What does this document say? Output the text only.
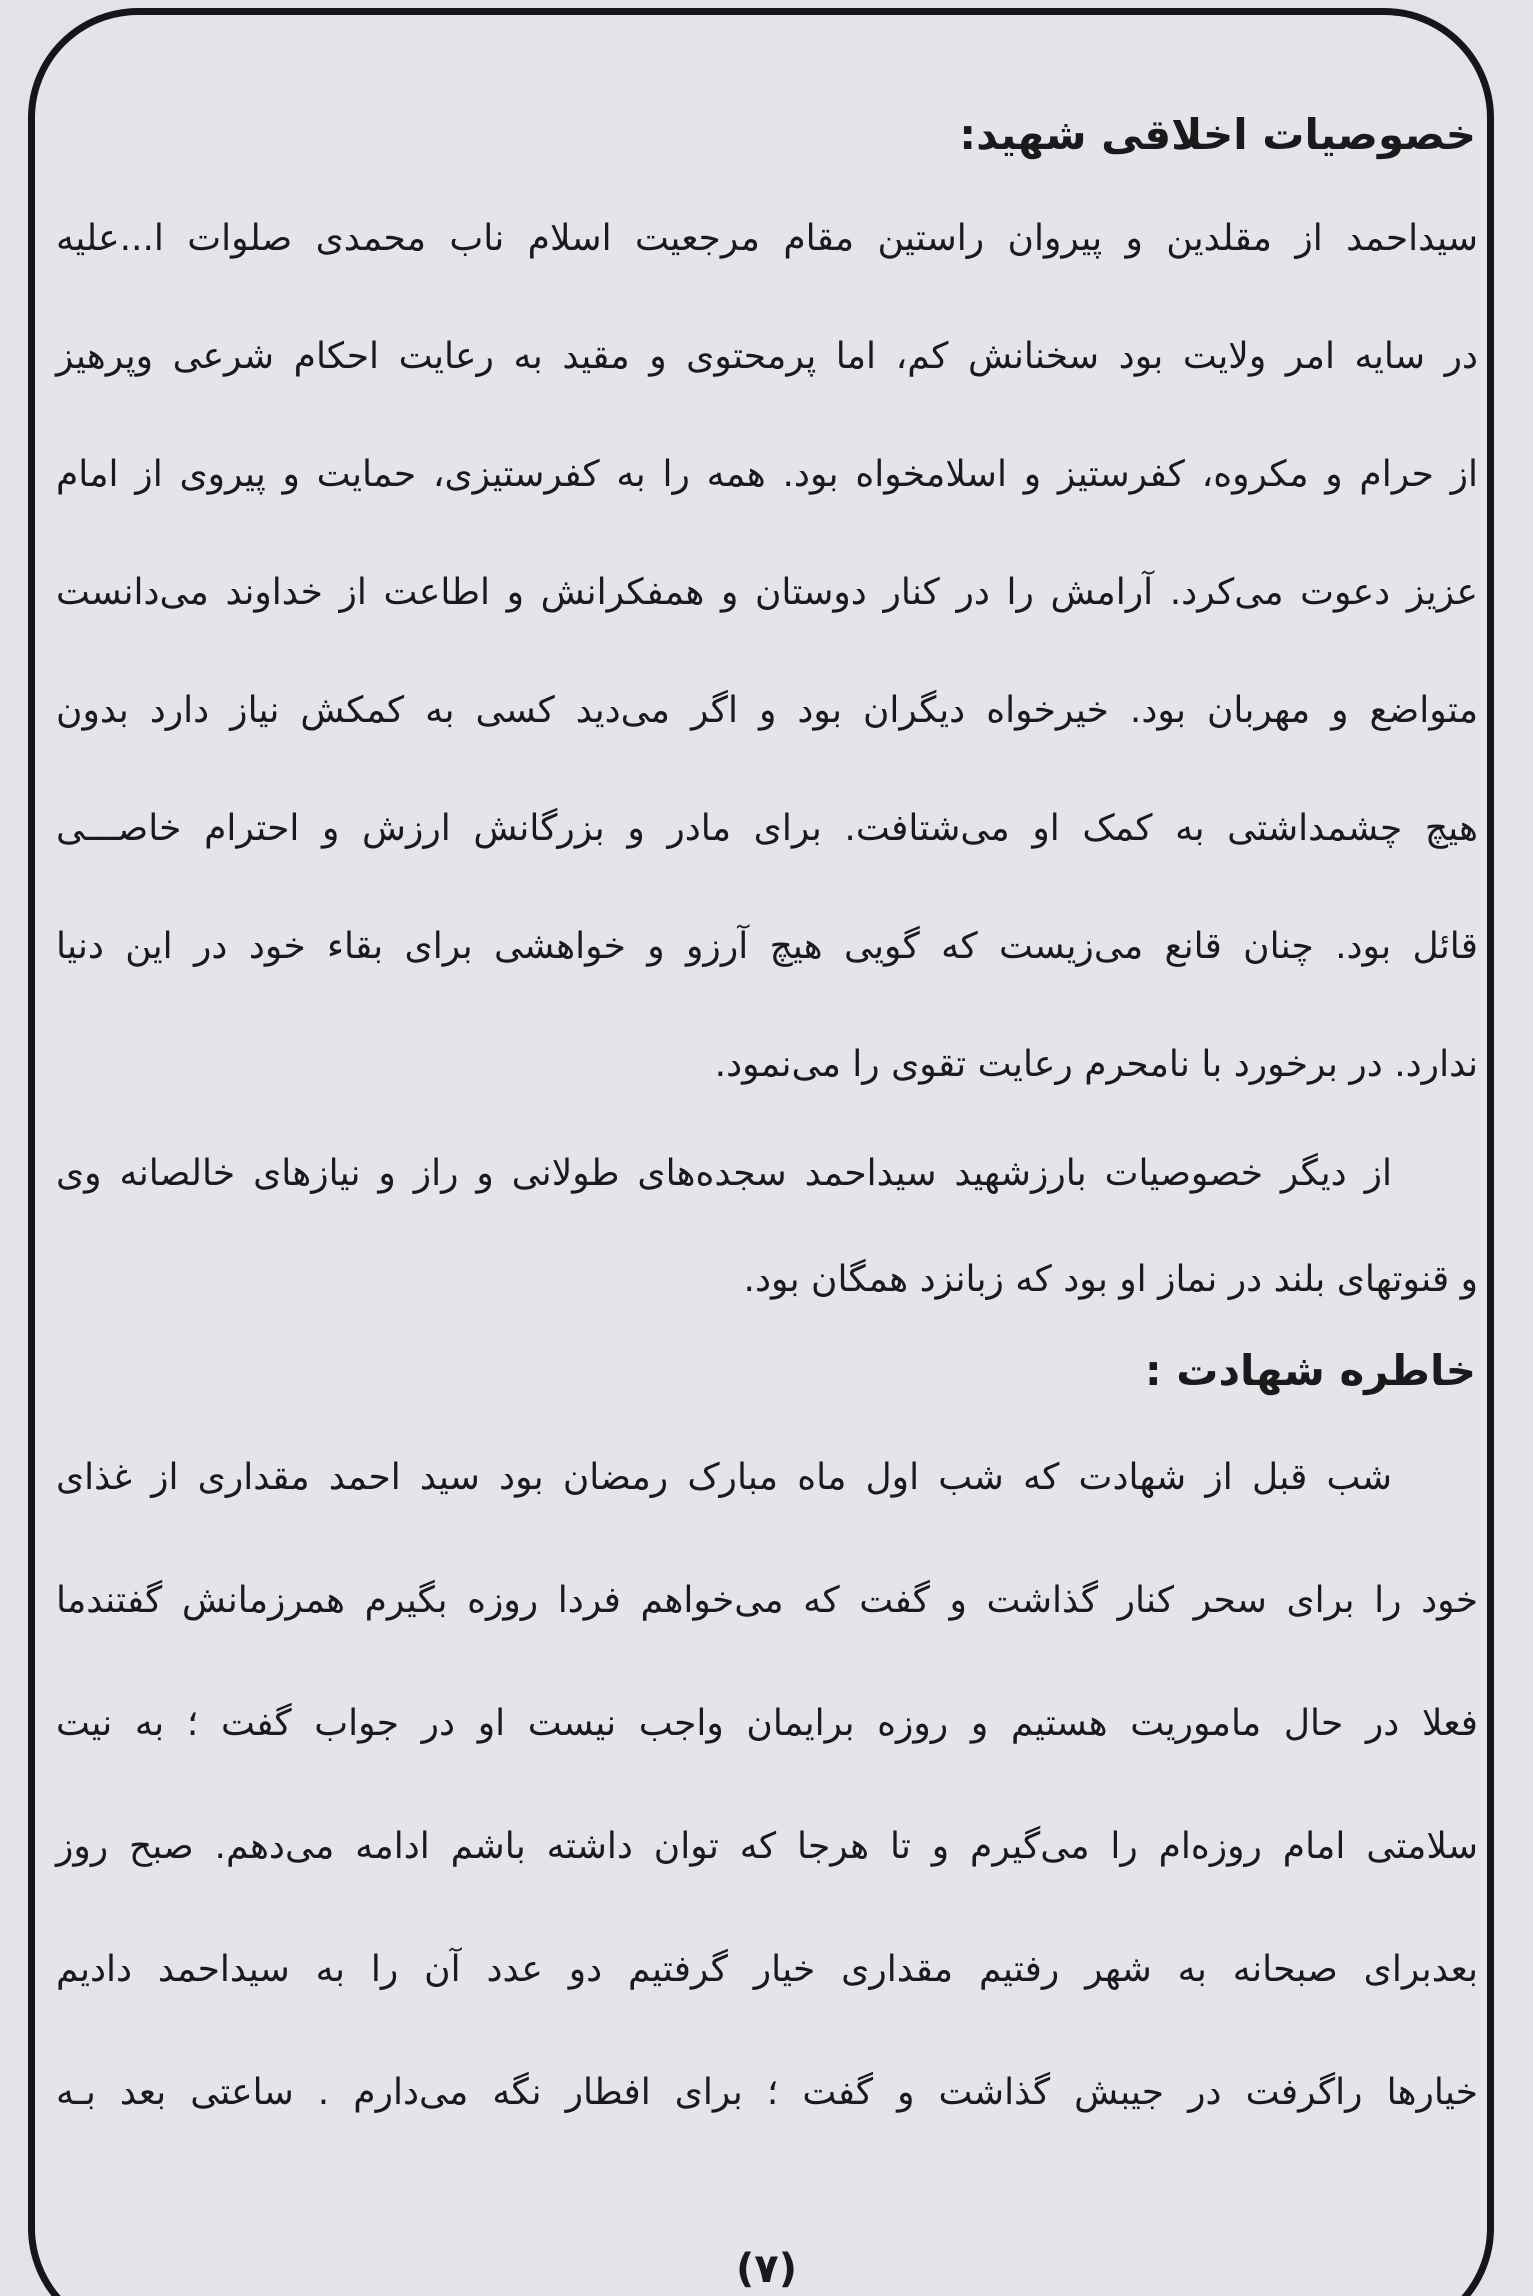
خصوصیات اخلاقی شهید:
سیداحمد از مقلدین و پیروان راستین مقام مرجعیت اسلام ناب محمدی صلوات ا...علیه
در سایه امر ولایت بود سخنانش کم، اما پرمحتوی و مقید به رعایت احکام شرعی وپرهیز
از حرام و مکروه، کفرستیز و اسلامخواه بود. همه را به کفرستیزی، حمایت و پیروی از امام
عزیز دعوت می‌کرد. آرامش را در کنار دوستان و همفکرانش و اطاعت از خداوند می‌دانست
متواضع و مهربان بود. خیرخواه دیگران بود و اگر می‌دید کسی به کمکش نیاز دارد بدون
هیچ چشمداشتی به کمک او می‌شتافت. برای مادر و بزرگانش ارزش و احترام خاصـــی
قائل بود. چنان قانع می‌زیست که گویی هیچ آرزو و خواهشی برای بقاء خود در این دنیا
ندارد. در برخورد با نامحرم رعایت تقوی را می‌نمود.
از دیگر خصوصیات بارزشهید سیداحمد سجده‌های طولانی و راز و نیازهای خالصانه وی
و قنوتهای بلند در نماز او بود که زبانزد همگان بود.
خاطره شهادت :
شب قبل از شهادت که شب اول ماه مبارک رمضان بود سید احمد مقداری از غذای
خود را برای سحر کنار گذاشت و گفت که می‌خواهم فردا روزه بگیرم همرزمانش گفتندما
فعلا در حال ماموریت هستیم و روزه برایمان واجب نیست او در جواب گفت ؛ به نیت
سلامتی امام روزه‌ام را می‌گیرم و تا هرجا که توان داشته باشم ادامه می‌دهم. صبح روز
بعدبرای صبحانه به شهر رفتیم مقداری خیار گرفتیم دو عدد آن را به سیداحمد دادیم
خیارها راگرفت در جیبش گذاشت و گفت ؛ برای افطار نگه می‌دارم . ساعتی بعد بـه
(۷)
